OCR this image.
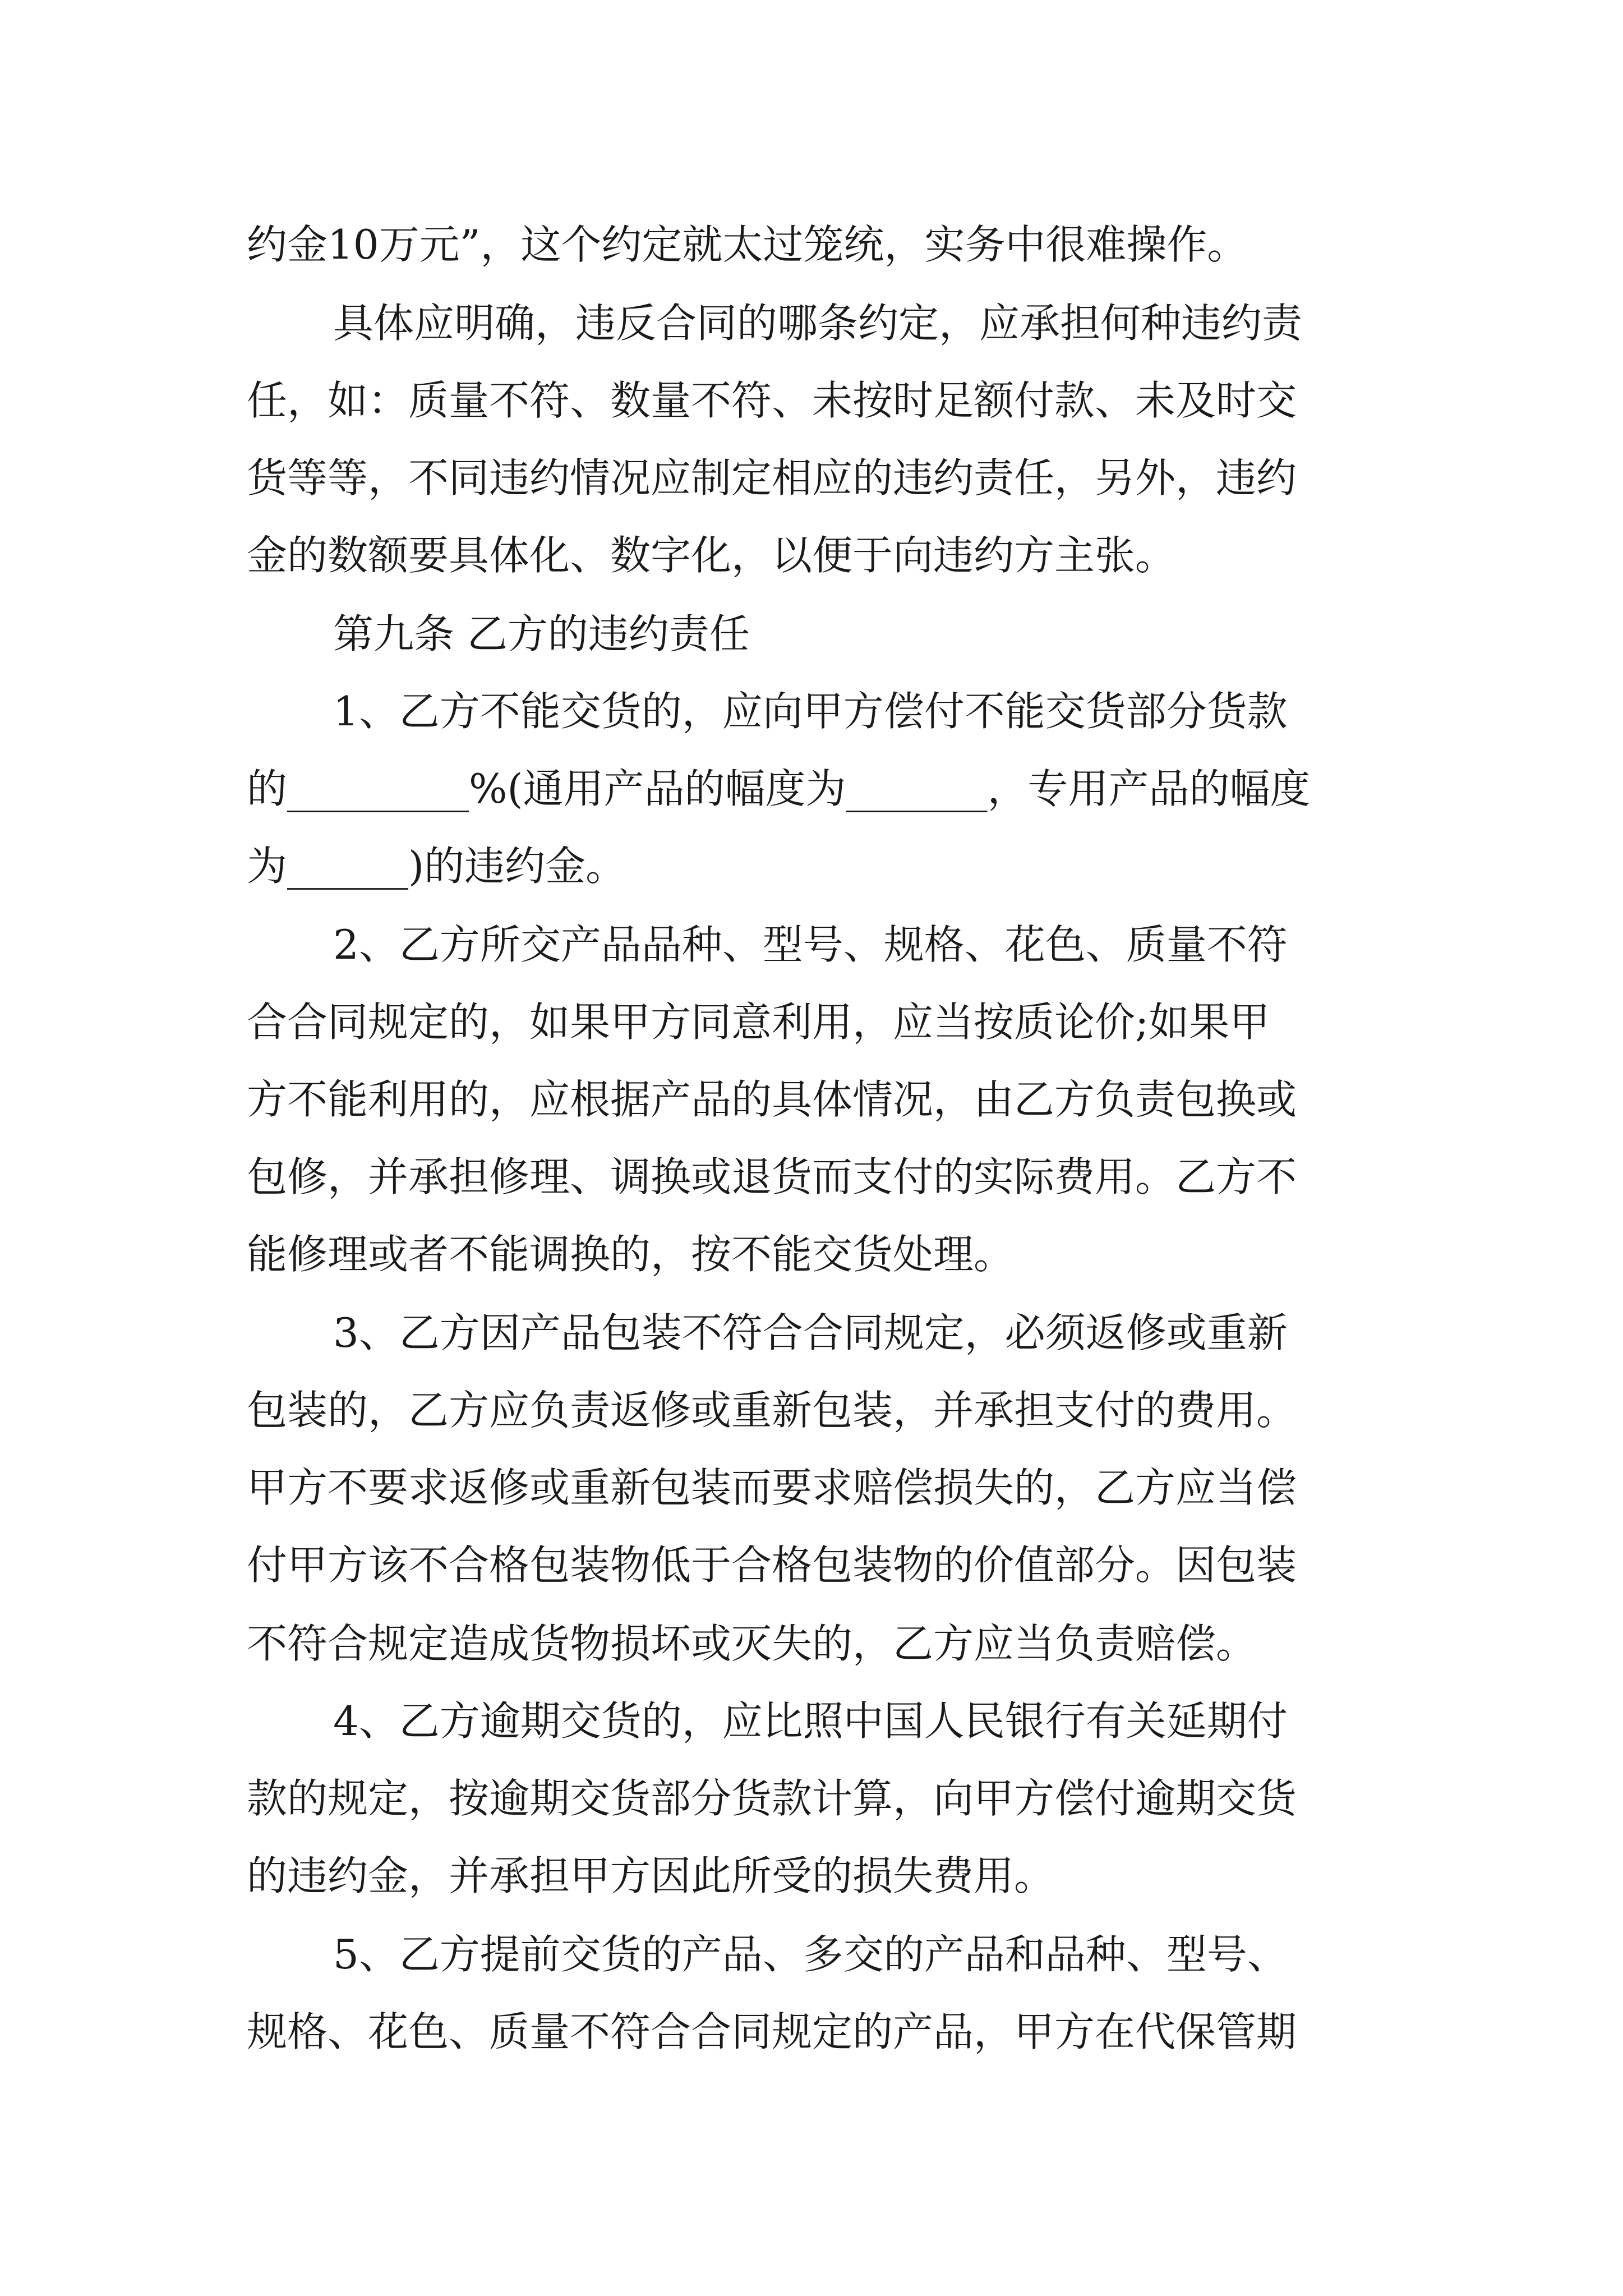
约金10万元”，这个约定就太过笼统，实务中很难操作。
具体应明确，违反合同的哪条约定，应承担何种违约责
任，如：质量不符、数量不符、未按时足额付款、未及时交
货等等，不同违约情况应制定相应的违约责任，另外，违约
金的数额要具体化、数字化，以便于向违约方主张。
第九条 乙方的违约责任
1、乙方不能交货的，应向甲方偿付不能交货部分货款
的_________%(通用产品的幅度为_______，专用产品的幅度
为______)的违约金。
2、乙方所交产品品种、型号、规格、花色、质量不符
合合同规定的，如果甲方同意利用，应当按质论价;如果甲
方不能利用的，应根据产品的具体情况，由乙方负责包换或
包修，并承担修理、调换或退货而支付的实际费用。乙方不
能修理或者不能调换的，按不能交货处理。
3、乙方因产品包装不符合合同规定，必须返修或重新
包装的，乙方应负责返修或重新包装，并承担支付的费用。
甲方不要求返修或重新包装而要求赔偿损失的，乙方应当偿
付甲方该不合格包装物低于合格包装物的价值部分。因包装
不符合规定造成货物损坏或灭失的，乙方应当负责赔偿。
4、乙方逾期交货的，应比照中国人民银行有关延期付
款的规定，按逾期交货部分货款计算，向甲方偿付逾期交货
的违约金，并承担甲方因此所受的损失费用。
5、乙方提前交货的产品、多交的产品和品种、型号、
规格、花色、质量不符合合同规定的产品，甲方在代保管期
